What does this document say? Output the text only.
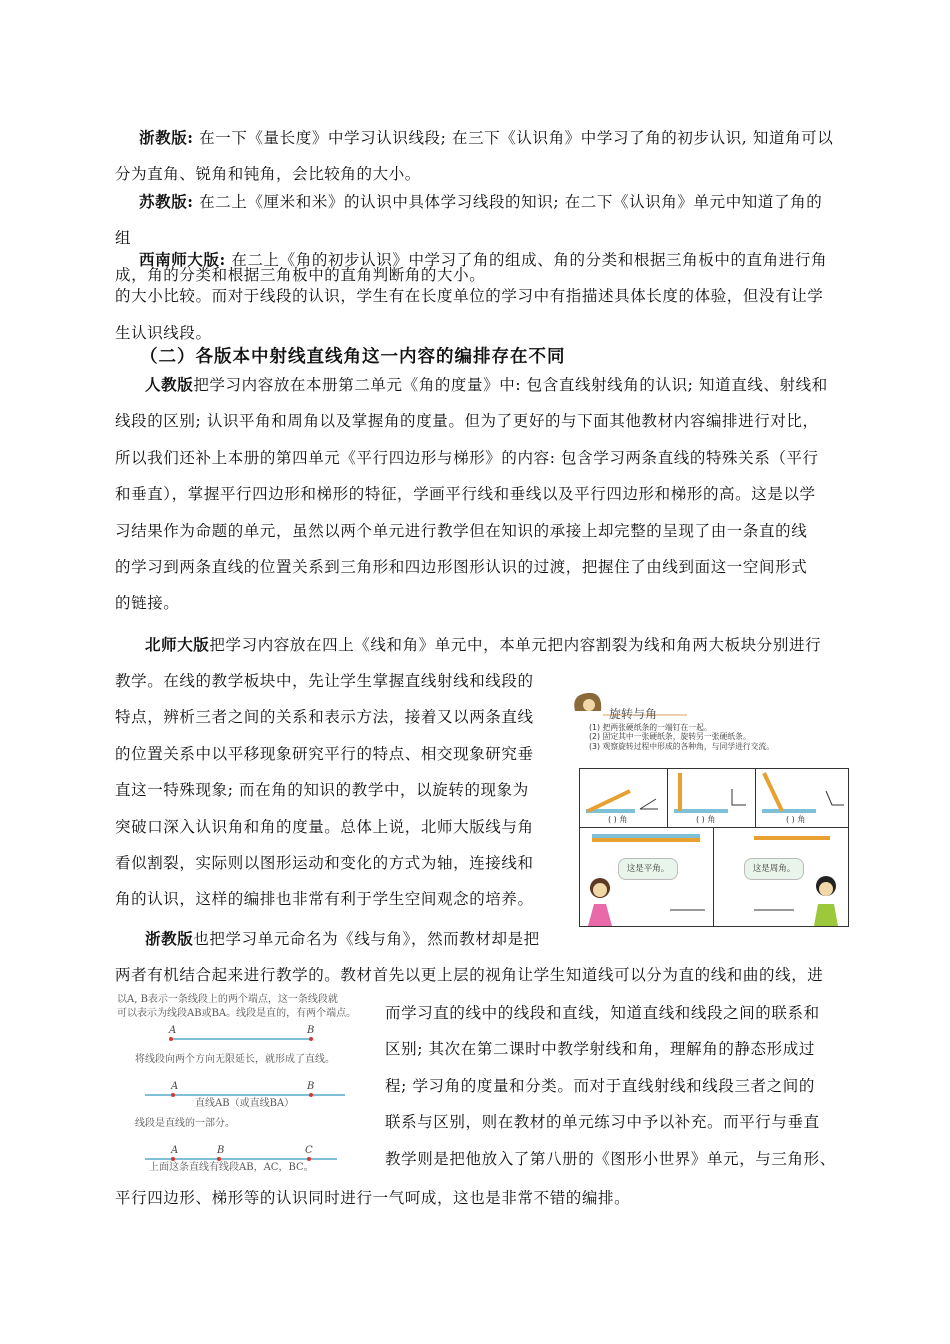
浙教版: 在一下《量长度》中学习认识线段; 在三下《认识角》中学习了角的初步认识, 知道角可以
分为直角、锐角和钝角，会比较角的大小。

苏教版: 在二上《厘米和米》的认识中具体学习线段的知识; 在二下《认识角》单元中知道了角的组
成，角的分类和根据三角板中的直角判断角的大小。

西南师大版: 在二上《角的初步认识》中学习了角的组成、角的分类和根据三角板中的直角进行角
的大小比较。而对于线段的认识，学生有在长度单位的学习中有指描述具体长度的体验，但没有让学
生认识线段。

（二）各版本中射线直线角这一内容的编排存在不同

人教版把学习内容放在本册第二单元《角的度量》中: 包含直线射线角的认识; 知道直线、射线和
线段的区别; 认识平角和周角以及掌握角的度量。但为了更好的与下面其他教材内容编排进行对比，
所以我们还补上本册的第四单元《平行四边形与梯形》的内容: 包含学习两条直线的特殊关系（平行
和垂直），掌握平行四边形和梯形的特征，学画平行线和垂线以及平行四边形和梯形的高。这是以学
习结果作为命题的单元，虽然以两个单元进行教学但在知识的承接上却完整的呈现了由一条直的线
的学习到两条直线的位置关系到三角形和四边形图形认识的过渡，把握住了由线到面这一空间形式
的链接。

北师大版把学习内容放在四上《线和角》单元中，本单元把内容割裂为线和角两大板块分别进行

教学。在线的教学板块中，先让学生掌握直线射线和线段的
特点，辨析三者之间的关系和表示方法，接着又以两条直线
的位置关系中以平移现象研究平行的特点、相交现象研究垂
直这一特殊现象; 而在角的知识的教学中，以旋转的现象为
突破口深入认识角和角的度量。总体上说，北师大版线与角
看似割裂，实际则以图形运动和变化的方式为轴，连接线和
角的认识，这样的编排也非常有利于学生空间观念的培养。

浙教版也把学习单元命名为《线与角》，然而教材却是把

两者有机结合起来进行教学的。教材首先以更上层的视角让学生知道线可以分为直的线和曲的线，进

而学习直的线中的线段和直线，知道直线和线段之间的联系和
区别; 其次在第二课时中教学射线和角，理解角的静态形成过
程; 学习角的度量和分类。而对于直线射线和线段三者之间的
联系与区别，则在教材的单元练习中予以补充。而平行与垂直
教学则是把他放入了第八册的《图形小世界》单元，与三角形、

平行四边形、梯形等的认识同时进行一气呵成，这也是非常不错的编排。

旋转与角
(1) 把两张硬纸条的一端钉在一起。
(2) 固定其中一张硬纸条，旋转另一张硬纸条。
(3) 观察旋转过程中形成的各种角，与同学进行交流。
( ) 角	( ) 角	( ) 角
这是平角。	这是周角。
以A, B表示一条线段上的两个端点，这一条线段就
可以表示为线段AB或BA。线段是直的，有两个端点。
A	B
将线段向两个方向无限延长，就形成了直线。
A	B
直线AB（或直线BA）
线段是直线的一部分。
A	B	C
上面这条直线有线段AB，AC，BC。
